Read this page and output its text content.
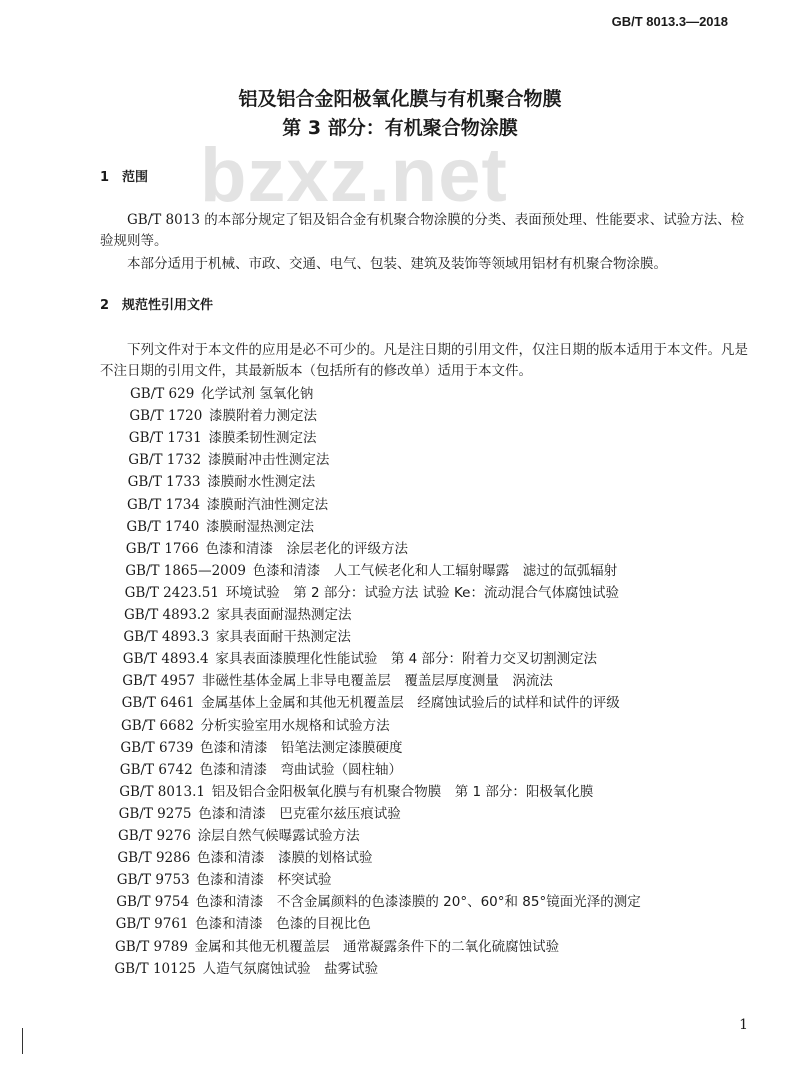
GB/T 8013.3—2018
铝及铝合金阳极氧化膜与有机聚合物膜
第 3 部分：有机聚合物涂膜
bzxz.net
1 范围
GB/T 8013 的本部分规定了铝及铝合金有机聚合物涂膜的分类、表面预处理、性能要求、试验方法、检验规则等。
本部分适用于机械、市政、交通、电气、包装、建筑及装饰等领域用铝材有机聚合物涂膜。
2 规范性引用文件
下列文件对于本文件的应用是必不可少的。凡是注日期的引用文件，仅注日期的版本适用于本文件。凡是不注日期的引用文件，其最新版本（包括所有的修改单）适用于本文件。
GB/T 629  化学试剂 氢氧化钠
GB/T 1720  漆膜附着力测定法
GB/T 1731  漆膜柔韧性测定法
GB/T 1732  漆膜耐冲击性测定法
GB/T 1733  漆膜耐水性测定法
GB/T 1734  漆膜耐汽油性测定法
GB/T 1740  漆膜耐湿热测定法
GB/T 1766  色漆和清漆　涂层老化的评级方法
GB/T 1865—2009  色漆和清漆　人工气候老化和人工辐射曝露　滤过的氙弧辐射
GB/T 2423.51  环境试验　第 2 部分：试验方法 试验 Ke：流动混合气体腐蚀试验
GB/T 4893.2  家具表面耐湿热测定法
GB/T 4893.3  家具表面耐干热测定法
GB/T 4893.4  家具表面漆膜理化性能试验　第 4 部分：附着力交叉切割测定法
GB/T 4957  非磁性基体金属上非导电覆盖层　覆盖层厚度测量　涡流法
GB/T 6461  金属基体上金属和其他无机覆盖层　经腐蚀试验后的试样和试件的评级
GB/T 6682  分析实验室用水规格和试验方法
GB/T 6739  色漆和清漆　铅笔法测定漆膜硬度
GB/T 6742  色漆和清漆　弯曲试验（圆柱轴）
GB/T 8013.1  铝及铝合金阳极氧化膜与有机聚合物膜　第 1 部分：阳极氧化膜
GB/T 9275  色漆和清漆　巴克霍尔兹压痕试验
GB/T 9276  涂层自然气候曝露试验方法
GB/T 9286  色漆和清漆　漆膜的划格试验
GB/T 9753  色漆和清漆　杯突试验
GB/T 9754  色漆和清漆　不含金属颜料的色漆漆膜的 20°、60°和 85°镜面光泽的测定
GB/T 9761  色漆和清漆　色漆的目视比色
GB/T 9789  金属和其他无机覆盖层　通常凝露条件下的二氧化硫腐蚀试验
GB/T 10125  人造气氛腐蚀试验　盐雾试验
1
